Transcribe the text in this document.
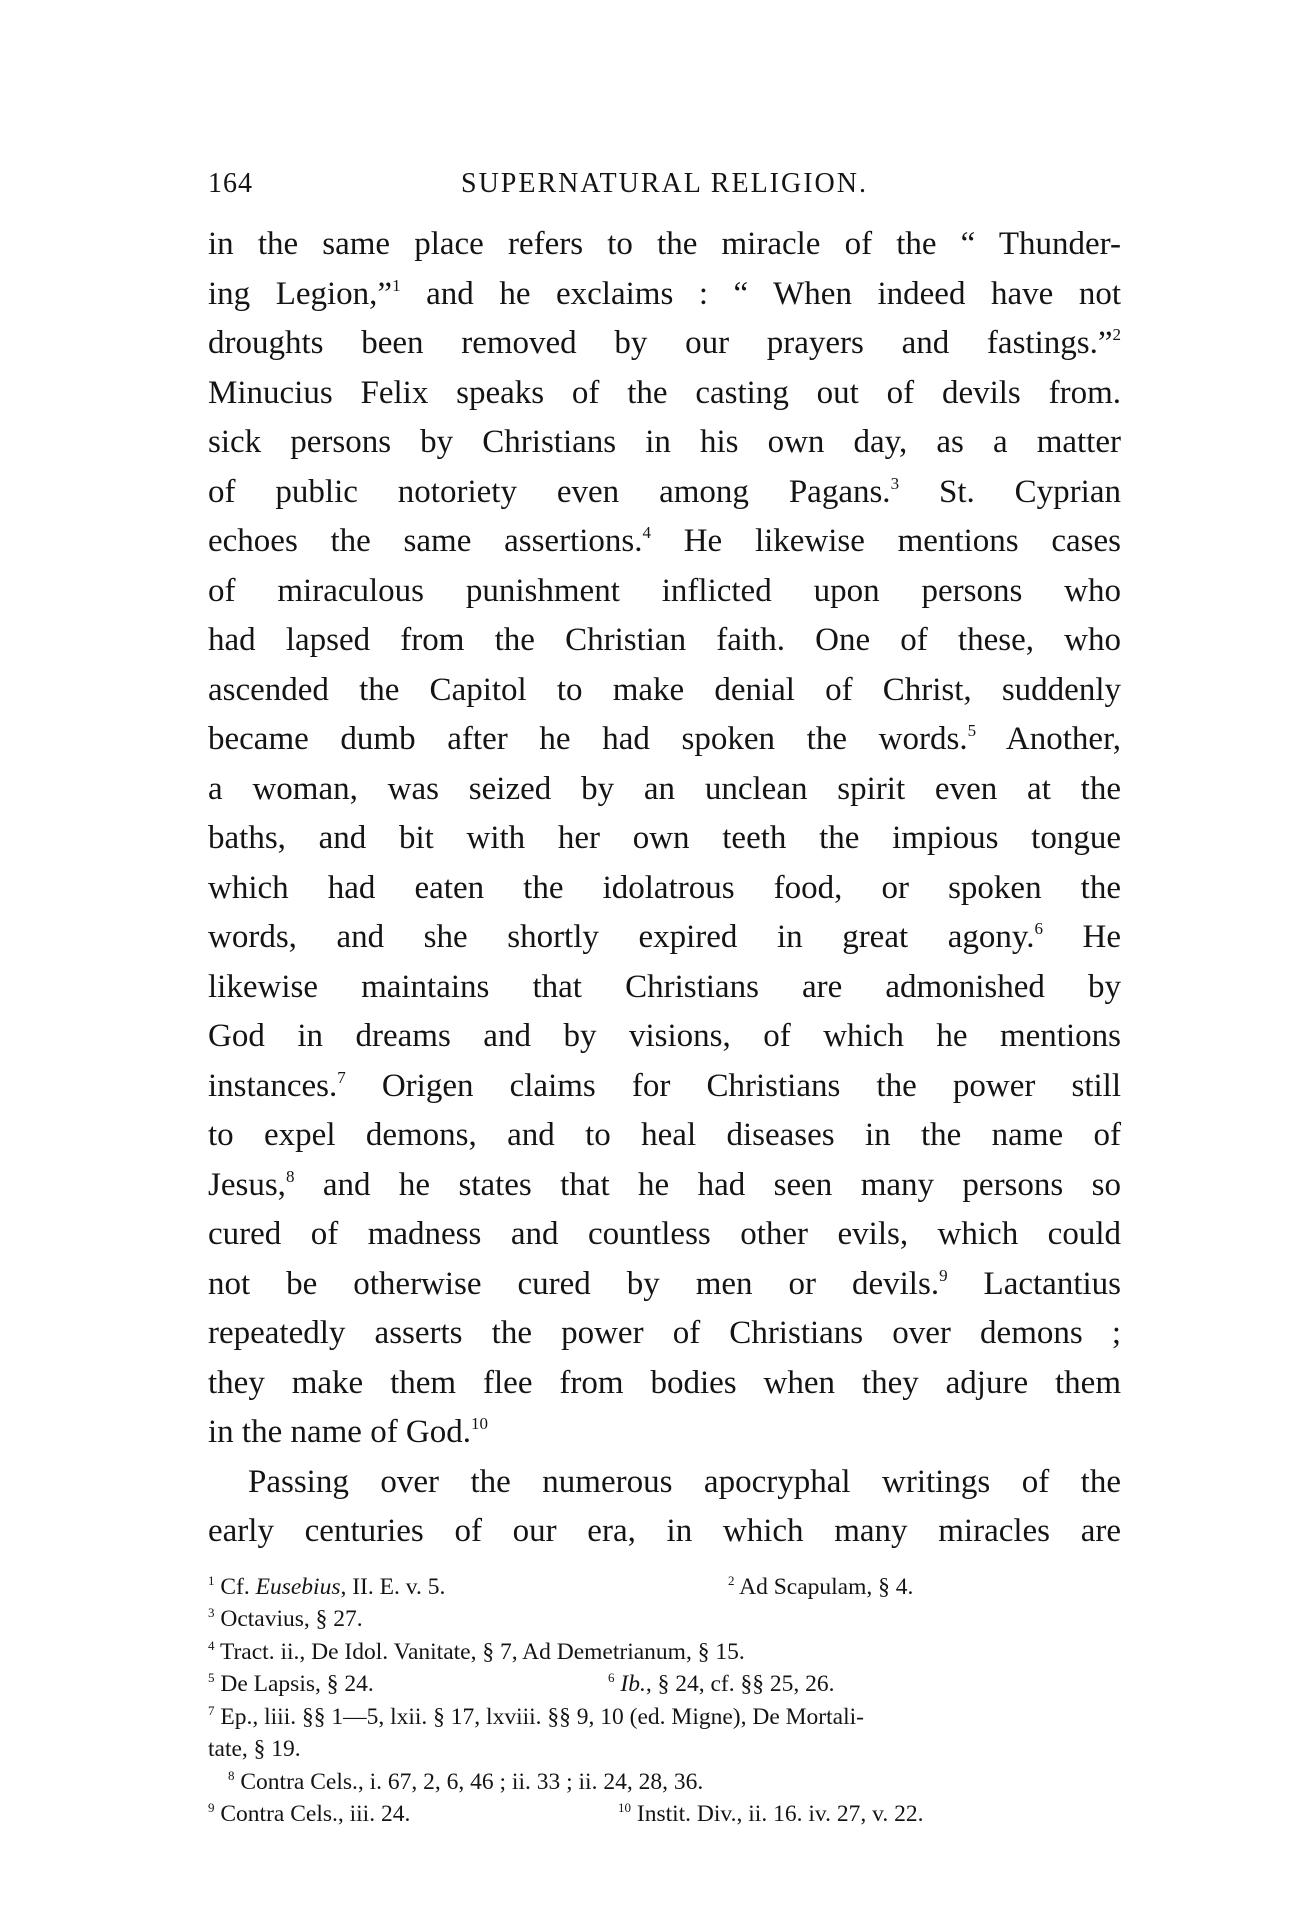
164	SUPERNATURAL RELIGION.
in the same place refers to the miracle of the “ Thunder-
ing Legion,”$^1$ and he exclaims : “ When indeed have not
droughts been removed by our prayers and fastings.”$^2$
Minucius Felix speaks of the casting out of devils from.
sick persons by Christians in his own day, as a matter
of public notoriety even among Pagans.$^3$ St. Cyprian
echoes the same assertions.$^4$ He likewise mentions cases
of miraculous punishment inflicted upon persons who
had lapsed from the Christian faith. One of these, who
ascended the Capitol to make denial of Christ, suddenly
became dumb after he had spoken the words.$^5$ Another,
a woman, was seized by an unclean spirit even at the
baths, and bit with her own teeth the impious tongue
which had eaten the idolatrous food, or spoken the
words, and she shortly expired in great agony.$^6$ He
likewise maintains that Christians are admonished by
God in dreams and by visions, of which he mentions
instances.$^7$ Origen claims for Christians the power still
to expel demons, and to heal diseases in the name of
Jesus,$^8$ and he states that he had seen many persons so
cured of madness and countless other evils, which could
not be otherwise cured by men or devils.$^9$ Lactantius
repeatedly asserts the power of Christians over demons ;
they make them flee from bodies when they adjure them
in the name of God.$^{10}$
Passing over the numerous apocryphal writings of the
early centuries of our era, in which many miracles are
$^1$ Cf. Eusebius, II. E. v. 5.	$^2$ Ad Scapulam, § 4.
$^3$ Octavius, § 27.
$^4$ Tract. ii., De Idol. Vanitate, § 7, Ad Demetrianum, § 15.
$^5$ De Lapsis, § 24.	$^6$ Ib., § 24, cf. §§ 25, 26.
$^7$ Ep., liii. §§ 1—5, lxii. § 17, lxviii. §§ 9, 10 (ed. Migne), De Mortali-
tate, § 19.
$^8$ Contra Cels., i. 67, 2, 6, 46 ; ii. 33 ; ii. 24, 28, 36.
$^9$ Contra Cels., iii. 24.	$^{10}$ Instit. Div., ii. 16. iv. 27, v. 22.
